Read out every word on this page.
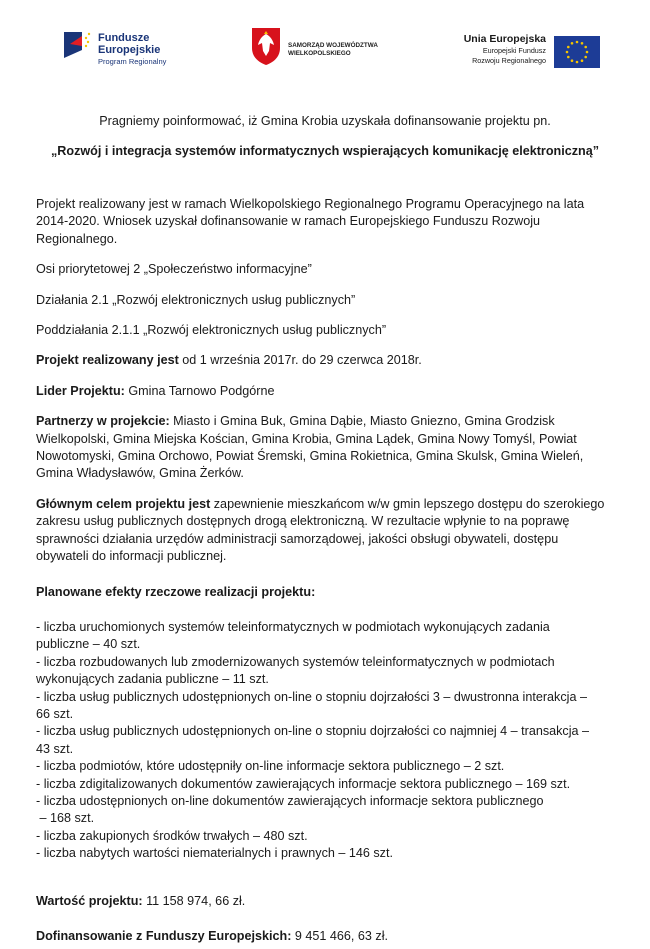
Fundusze
Europejskie
Program Regionalny
SAMORZĄD WOJEWÓDZTWA
WIELKOPOLSKIEGO
Unia Europejska
Europejski Fundusz
Rozwoju Regionalnego
Pragniemy poinformować, iż Gmina Krobia uzyskała dofinansowanie projektu pn.
„Rozwój i integracja systemów informatycznych wspierających komunikację elektroniczną”

Projekt realizowany jest w ramach Wielkopolskiego Regionalnego Programu Operacyjnego na lata

2014-2020. Wniosek uzyskał dofinansowanie w ramach Europejskiego Funduszu Rozwoju

Regionalnego.

Osi priorytetowej 2 „Społeczeństwo informacyjne”

Działania 2.1 „Rozwój elektronicznych usług publicznych”

Poddziałania 2.1.1 „Rozwój elektronicznych usług publicznych”

Projekt realizowany jest od 1 września 2017r. do 29 czerwca 2018r.

Lider Projektu: Gmina Tarnowo Podgórne

Partnerzy w projekcie: Miasto i Gmina Buk, Gmina Dąbie, Miasto Gniezno, Gmina Grodzisk

Wielkopolski, Gmina Miejska Kościan, Gmina Krobia, Gmina Lądek, Gmina Nowy Tomyśl, Powiat

Nowotomyski, Gmina Orchowo, Powiat Śremski, Gmina Rokietnica, Gmina Skulsk, Gmina Wieleń,

Gmina Władysławów, Gmina Żerków.

Głównym celem projektu jest zapewnienie mieszkańcom w/w gmin lepszego dostępu do szerokiego

zakresu usług publicznych dostępnych drogą elektroniczną. W rezultacie wpłynie to na poprawę

sprawności działania urzędów administracji samorządowej, jakości obsługi obywateli, dostępu

obywateli do informacji publicznej.

Planowane efekty rzeczowe realizacji projektu:

- liczba uruchomionych systemów teleinformatycznych w podmiotach wykonujących zadania

publiczne – 40 szt.

- liczba rozbudowanych lub zmodernizowanych systemów teleinformatycznych w podmiotach

wykonujących zadania publiczne – 11 szt.

- liczba usług publicznych udostępnionych on-line o stopniu dojrzałości 3 – dwustronna interakcja –

66 szt.

- liczba usług publicznych udostępnionych on-line o stopniu dojrzałości co najmniej 4 – transakcja –

43 szt.

- liczba podmiotów, które udostępniły on-line informacje sektora publicznego – 2 szt.

- liczba zdigitalizowanych dokumentów zawierających informacje sektora publicznego – 169 szt.

- liczba udostępnionych on-line dokumentów zawierających informacje sektora publicznego

– 168 szt.

- liczba zakupionych środków trwałych – 480 szt.

- liczba nabytych wartości niematerialnych i prawnych – 146 szt.

Wartość projektu: 11 158 974, 66 zł.

Dofinansowanie z Funduszy Europejskich: 9 451 466, 63 zł.
